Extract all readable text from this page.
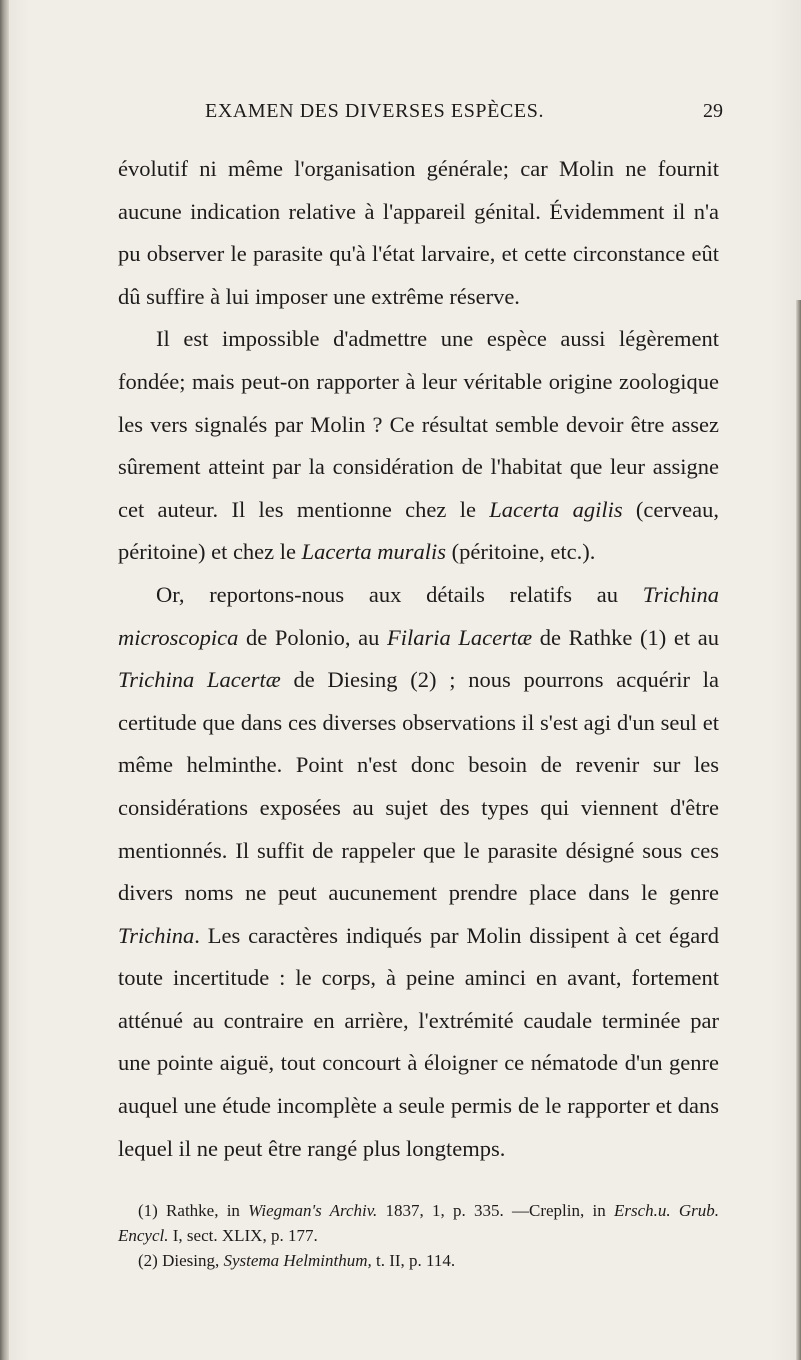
EXAMEN DES DIVERSES ESPÈCES.	29

évolutif ni même l'organisation générale; car Molin ne fournit aucune indication relative à l'appareil génital. Évidemment il n'a pu observer le parasite qu'à l'état larvaire, et cette circonstance eût dû suffire à lui imposer une extrême réserve.

Il est impossible d'admettre une espèce aussi légèrement fondée; mais peut-on rapporter à leur véritable origine zoologique les vers signalés par Molin ? Ce résultat semble devoir être assez sûrement atteint par la considération de l'habitat que leur assigne cet auteur. Il les mentionne chez le Lacerta agilis (cerveau, péritoine) et chez le Lacerta muralis (péritoine, etc.).

Or, reportons-nous aux détails relatifs au Trichina microscopica de Polonio, au Filaria Lacertæ de Rathke (1) et au Trichina Lacertæ de Diesing (2) ; nous pourrons acquérir la certitude que dans ces diverses observations il s'est agi d'un seul et même helminthe. Point n'est donc besoin de revenir sur les considérations exposées au sujet des types qui viennent d'être mentionnés. Il suffit de rappeler que le parasite désigné sous ces divers noms ne peut aucunement prendre place dans le genre Trichina. Les caractères indiqués par Molin dissipent à cet égard toute incertitude : le corps, à peine aminci en avant, fortement atténué au contraire en arrière, l'extrémité caudale terminée par une pointe aiguë, tout concourt à éloigner ce nématode d'un genre auquel une étude incomplète a seule permis de le rapporter et dans lequel il ne peut être rangé plus longtemps.

(1) Rathke, in Wiegman's Archiv. 1837, 1, p. 335. —Creplin, in Ersch.u. Grub. Encycl. I, sect. XLIX, p. 177.

(2) Diesing, Systema Helminthum, t. II, p. 114.
